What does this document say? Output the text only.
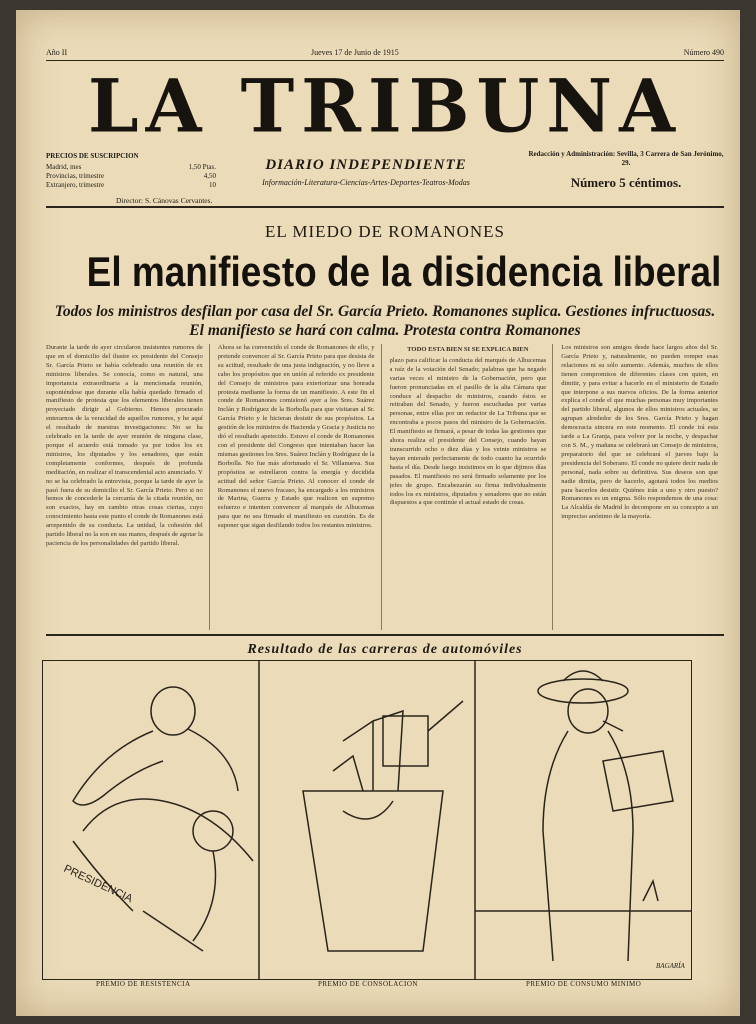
Año II	Jueves 17 de Junio de 1915	Número 490
LA TRIBUNA
PRECIOS DE SUSCRIPCION
Madrid, mes	1,50 Ptas.
Provincias, trimestre	4,50
Extranjero, trimestre	10
DIARIO INDEPENDIENTE
Información-Literatura-Ciencias-Artes-Deportes-Teatros-Modas
Director: S. Cánovas Cervantes.
Redacción y Administración: Sevilla, 3 Carrera de San Jerónimo, 29.
Número 5 céntimos.
EL MIEDO DE ROMANONES
El manifiesto de la disidencia liberal
Todos los ministros desfilan por casa del Sr. García Prieto. Romanones suplica. Gestiones infructuosas. El manifiesto se hará con calma. Protesta contra Romanones
Durante la tarde de ayer circularon insistentes rumores de que en el domicilio del ilustre ex presidente del Consejo Sr. García Prieto se había celebrado una reunión de ex ministros liberales. Se conocía, como es natural, una importancia extraordinaria a la mencionada reunión, suponiéndose que durante ella había quedado firmado el manifiesto de protesta que los elementos liberales tienen proyectado dirigir al Gobierno. Hemos procurado enterarnos de la veracidad de aquellos rumores, y he aquí el resultado de nuestras investigaciones: No se ha celebrado en la tarde de ayer reunión de ninguna clase, porque el acuerdo está tomado ya por todos los ex ministros, los diputados y los senadores, que están completamente conformes, después de profunda meditación, en realizar el transcendental acto anunciado. Y no se ha celebrado la entrevista, porque la tarde de ayer la pasó fuera de su domicilio el Sr. García Prieto. Pero si no hemos de concederle la cercanía de la citada reunión, no son exactos, hay en cambio otras cosas ciertas, cuyo conocimiento hasta este punto el conde de Romanones está arrepentido de su conducta. La unidad, la cohesión del partido liberal no la son en sus manos, después de agotar la paciencia de los personalidades del partido liberal.
Ahora se ha convencido el conde de Romanones de ello, y pretende convencer al Sr. García Prieto para que desista de su actitud, resultado de una justa indignación, y no lleve a cabo los propósitos que en unión al referido ex presidente del Consejo de ministros para exteriorizar una honrada protesta mediante la forma de un manifiesto. A este fin el conde de Romanones comisionó ayer a los Sres. Suárez Inclán y Rodríguez de la Borbolla para que visitaran al Sr. García Prieto y le hicieran desistir de sus propósitos. La gestión de los ministros de Hacienda y Gracia y Justicia no dió el resultado apetecido. Estuvo el conde de Romanones con el presidente del Congreso que intentaban hacer las mismas gestiones los Sres. Suárez Inclán y Rodríguez de la Borbolla. No fue más afortunado el Sr. Villanueva. Sus propósitos se estrellaron contra la energía y decidida actitud del señor García Prieto. Al conocer el conde de Romanones el nuevo fracaso, ha encargado a los ministros de Marina, Guerra y Estado que realicen un supremo esfuerzo e intenten convencer al marqués de Alhucemas para que no sea firmado el manifiesto en cuestión. Es de suponer que sigan desfilando todos los restantes ministros.
TODO ESTA BIEN SI SE EXPLICA BIEN
plazo para calificar la conducta del marqués de Alhucemas a raíz de la votación del Senado; palabras que ha negado varias veces el ministro de la Gobernación, pero que fueron pronunciadas en el pasillo de la alta Cámara que conduce al despacho de ministros, cuando éstos se retiraban del Senado, y fueron escuchadas por varias personas, entre ellas por un redactor de La Tribuna que se encontraba a pocos pasos del ministro de la Gobernación. El manifiesto se firmará, a pesar de todas las gestiones que ahora realiza el presidente del Consejo, cuando hayan transcurrido ocho o diez días y los veinte ministros se hayan enterado perfectamente de todo cuanto ha ocurrido hasta el día. Desde luego insistimos en lo que dijimos días pasados. El manifiesto no será firmado solamente por los jefes de grupo. Encabezarán su firma individualmente todos los ex ministros, diputados y senadores que no están dispuestos a que continúe el actual estado de cosas.
Los ministros son amigos desde hace largos años del Sr. García Prieto y, naturalmente, no pueden romper esas relaciones ni su sólo aumento. Además, muchos de ellos tienen compromisos de diferentes clases con quien, en dimitir, y para evitar a hacerlo en el ministerio de Estado que interpone a sus nuevos oficios. De la forma anterior explica el conde el que muchas personas muy importantes del partido liberal, algunos de ellos ministros actuales, se agrupan alrededor de los Sres. García Prieto y hagan democracia sincera en este momento. El conde irá esta tarde a La Granja, para volver por la noche, y despachar con S. M., y mañana se celebrará un Consejo de ministros, preparatorio del que se celebrará el jueves bajo la presidencia del Soberano. El conde no quiere decir nada de personal, nada sobre su definitiva. Sus deseos son que nadie dimita, pero de hacerlo, agotará todos los medios para hacerlos desistir. Quiénes irán a uno y otro puesto? Romanones es un enigma. Sólo respondemos de una cosa: La Alcaldía de Madrid lo decompone en su concepto a un impreciso anónimo de la mayoría.
Resultado de las carreras de automóviles
PRESIDENCIA
PREMIO DE RESISTENCIA	PREMIO DE CONSOLACION	PREMIO DE CONSUMO MINIMO
BAGARÍA
